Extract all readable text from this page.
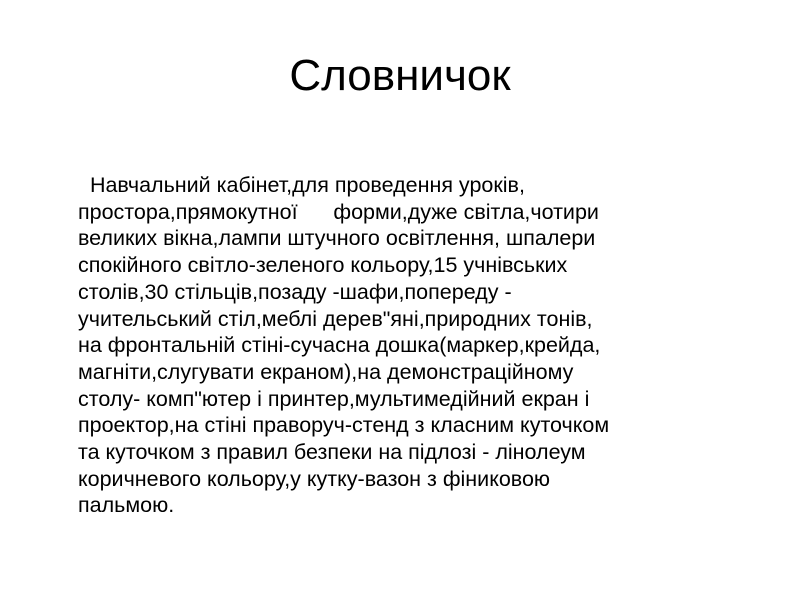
Словничок
Навчальний кабінет,для проведення уроків,
простора,прямокутної      форми,дуже світла,чотири
великих вікна,лампи штучного освітлення, шпалери
спокійного світло-зеленого кольору,15 учнівських
столів,30 стільців,позаду -шафи,попереду -
учительський стіл,меблі дерев"яні,природних тонів,
на фронтальній стіні-сучасна дошка(маркер,крейда,
магніти,слугувати екраном),на демонстраційному
столу- комп"ютер і принтер,мультимедійний екран і
проектор,на стіні праворуч-стенд з класним куточком
та куточком з правил безпеки на підлозі - лінолеум
коричневого кольору,у кутку-вазон з фіниковою
пальмою.
